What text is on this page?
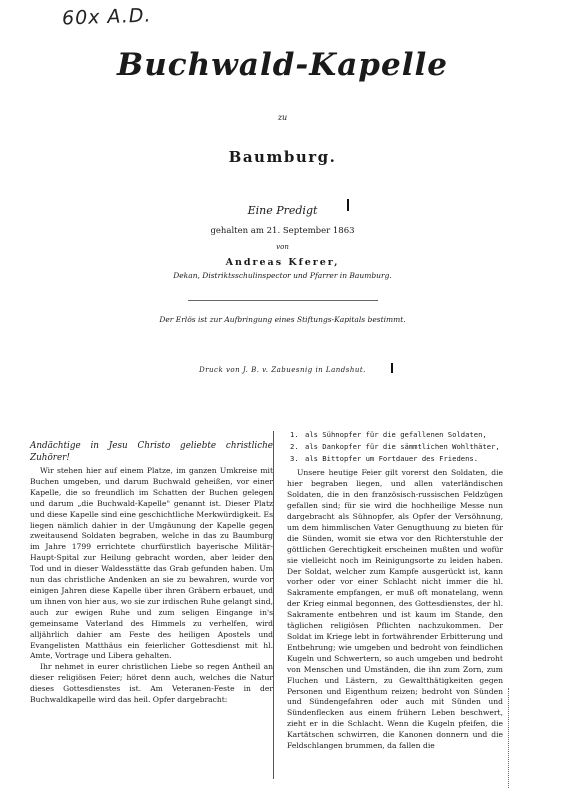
60x A.D.
Buchwald-Kapelle
zu
Baumburg.
Eine Predigt
gehalten am 21. September 1863
von
Andreas Kferer,
Dekan, Distriktsschulinspector und Pfarrer in Baumburg.
Der Erlös ist zur Aufbringung eines Stiftungs-Kapitals bestimmt.
Druck von J. B. v. Zabuesnig in Landshut.

Andächtige in Jesu Christo geliebte christliche Zuhörer!

Wir stehen hier auf einem Platze, im ganzen Umkreise mit Buchen umgeben, und darum Buchwald geheißen, vor einer Kapelle, die so freundlich im Schatten der Buchen gelegen und darum „die Buchwald-Kapelle" genannt ist. Dieser Platz und diese Kapelle sind eine geschichtliche Merkwürdigkeit. Es liegen nämlich dahier in der Umgäunung der Kapelle gegen zweitausend Soldaten begraben, welche in das zu Baumburg im Jahre 1799 errichtete churfürstlich bayerische Militär-Haupt-Spital zur Heilung gebracht worden, aber leider den Tod und in dieser Waldesstätte das Grab gefunden haben. Um nun das christliche Andenken an sie zu bewahren, wurde vor einigen Jahren diese Kapelle über ihren Gräbern erbauet, und um ihnen von hier aus, wo sie zur irdischen Ruhe gelangt sind, auch zur ewigen Ruhe und zum seligen Eingange in's gemeinsame Vaterland des Himmels zu verhelfen, wird alljährlich dahier am Feste des heiligen Apostels und Evangelisten Matthäus ein feierlicher Gottesdienst mit hl. Amte, Vortrage und Libera gehalten.

Ihr nehmet in eurer christlichen Liebe so regen Antheil an dieser religiösen Feier; höret denn auch, welches die Natur dieses Gottesdienstes ist. Am Veteranen-Feste in der Buchwaldkapelle wird das heil. Opfer dargebracht:

1. als Sühnopfer für die gefallenen Soldaten,
2. als Dankopfer für die sämmtlichen Wohlthäter,
3. als Bittopfer um Fortdauer des Friedens.

Unsere heutige Feier gilt vorerst den Soldaten, die hier begraben liegen, und allen vaterländischen Soldaten, die in den französisch-russischen Feldzügen gefallen sind; für sie wird die hochheilige Messe nun dargebracht als Sühnopfer, als Opfer der Versöhnung, um dem himmlischen Vater Genugthuung zu bieten für die Sünden, womit sie etwa vor den Richterstuhle der göttlichen Gerechtigkeit erscheinen mußten und wofür sie vielleicht noch im Reinigungsorte zu leiden haben. Der Soldat, welcher zum Kampfe ausgerückt ist, kann vorher oder vor einer Schlacht nicht immer die hl. Sakramente empfangen, er muß oft monatelang, wenn der Krieg einmal begonnen, des Gottesdienstes, der hl. Sakramente entbehren und ist kaum im Stande, den täglichen religiösen Pflichten nachzukommen. Der Soldat im Kriege lebt in fortwährender Erbitterung und Entbehrung; wie umgeben und bedroht von feindlichen Kugeln und Schwertern, so auch umgeben und bedroht von Menschen und Umständen, die ihn zum Zorn, zum Fluchen und Lästern, zu Gewaltthätigkeiten gegen Personen und Eigenthum reizen; bedroht von Sünden und Sündengefahren oder auch mit Sünden und Sündenflecken aus einem frühern Leben beschwert, zieht er in die Schlacht. Wenn die Kugeln pfeifen, die Kartätschen schwirren, die Kanonen donnern und die Feldschlangen brummen, da fallen die
